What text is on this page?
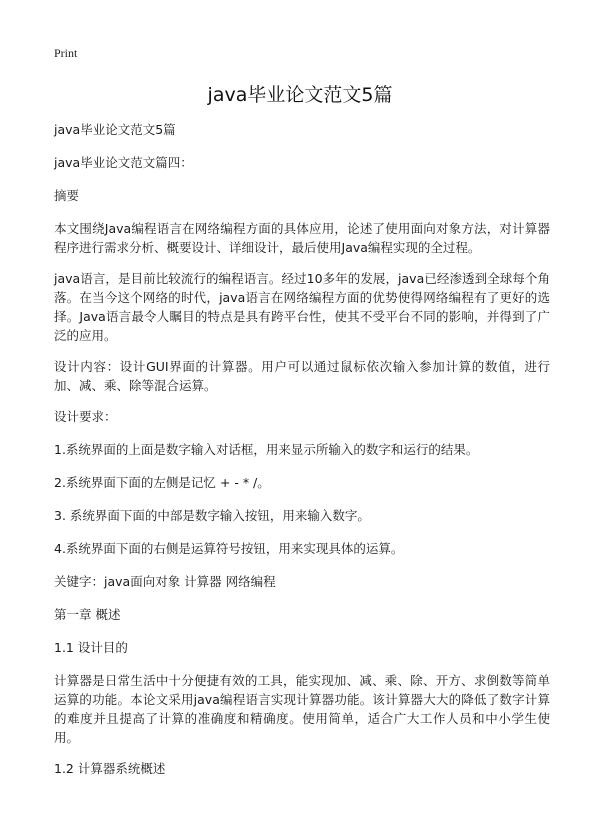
Print
java毕业论文范文5篇
java毕业论文范文5篇
java毕业论文范文篇四：
摘要
本文围绕Java编程语言在网络编程方面的具体应用，论述了使用面向对象方法，对计算器程序进行需求分析、概要设计、详细设计，最后使用Java编程实现的全过程。
java语言，是目前比较流行的编程语言。经过10多年的发展，java已经渗透到全球每个角落。在当今这个网络的时代，java语言在网络编程方面的优势使得网络编程有了更好的选择。Java语言最令人瞩目的特点是具有跨平台性，使其不受平台不同的影响，并得到了广泛的应用。
设计内容：设计GUI界面的计算器。用户可以通过鼠标依次输入参加计算的数值，进行加、减、乘、除等混合运算。
设计要求：
1.系统界面的上面是数字输入对话框，用来显示所输入的数字和运行的结果。
2.系统界面下面的左侧是记忆 + - * /。
3. 系统界面下面的中部是数字输入按钮，用来输入数字。
4.系统界面下面的右侧是运算符号按钮，用来实现具体的运算。
关键字：java面向对象 计算器 网络编程
第一章 概述
1.1 设计目的
计算器是日常生活中十分便捷有效的工具，能实现加、减、乘、除、开方、求倒数等简单运算的功能。本论文采用java编程语言实现计算器功能。该计算器大大的降低了数字计算的难度并且提高了计算的准确度和精确度。使用简单，适合广大工作人员和中小学生使用。
1.2 计算器系统概述
